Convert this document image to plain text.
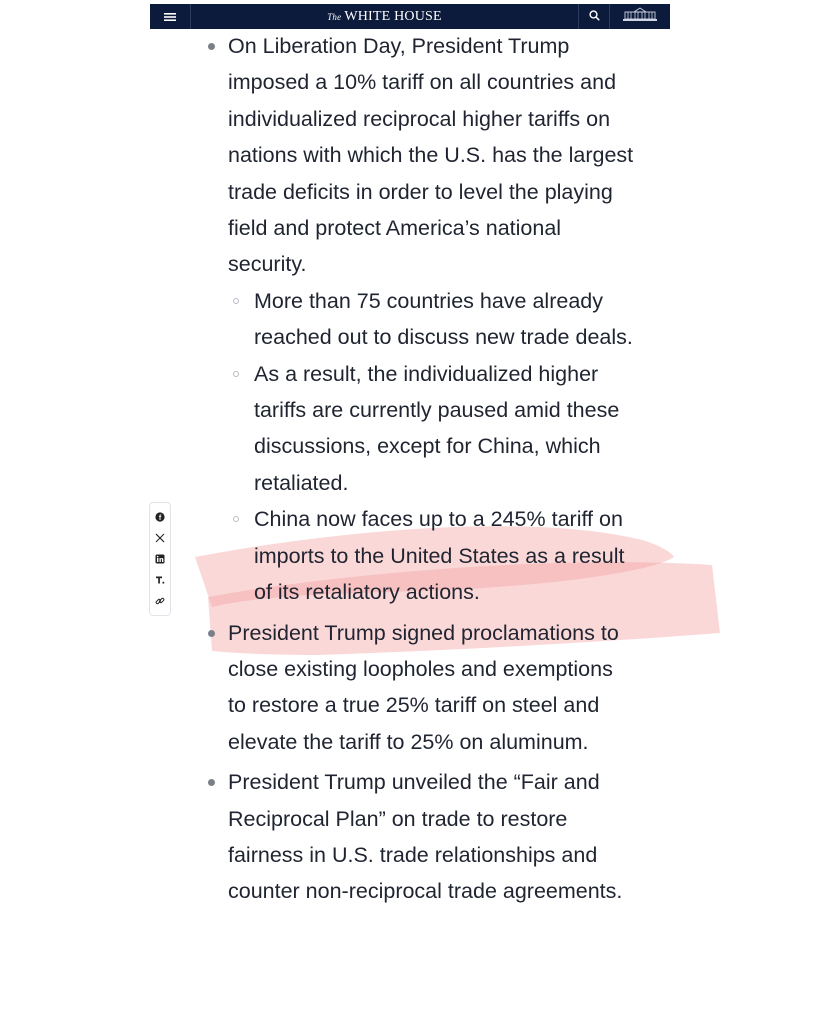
The WHITE HOUSE
f
On Liberation Day, President Trump imposed a 10% tariff on all countries and individualized reciprocal higher tariffs on nations with which the U.S. has the largest trade deficits in order to level the playing field and protect America’s national security.
More than 75 countries have already reached out to discuss new trade deals.
As a result, the individualized higher tariffs are currently paused amid these discussions, except for China, which retaliated.
China now faces up to a 245% tariff on imports to the United States as a result of its retaliatory actions.
President Trump signed proclamations to close existing loopholes and exemptions to restore a true 25% tariff on steel and elevate the tariff to 25% on aluminum.
President Trump unveiled the “Fair and Reciprocal Plan” on trade to restore fairness in U.S. trade relationships and counter non-reciprocal trade agreements.
